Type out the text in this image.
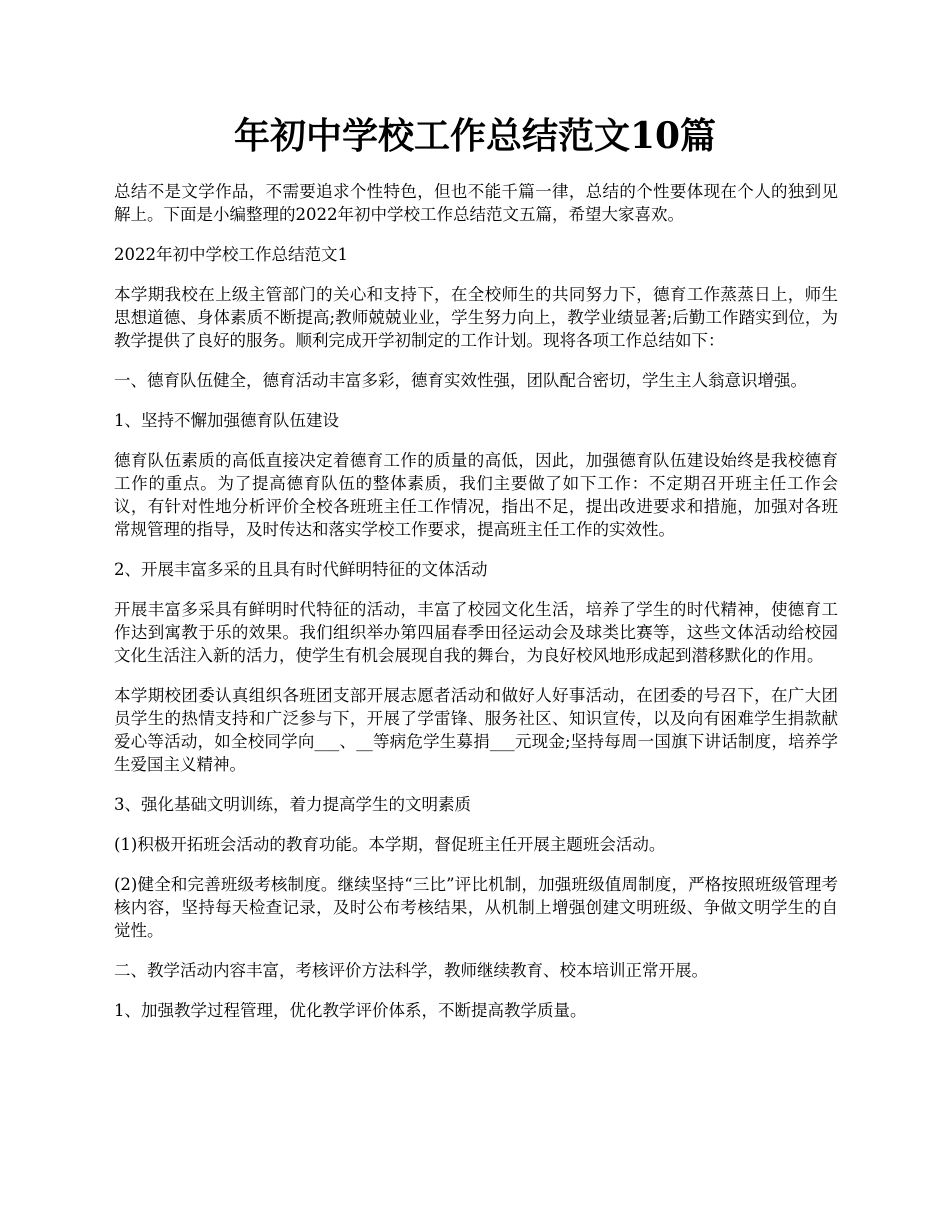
年初中学校工作总结范文10篇

总结不是文学作品，不需要追求个性特色，但也不能千篇一律，总结的个性要体现在个人的独到见解上。下面是小编整理的2022年初中学校工作总结范文五篇，希望大家喜欢。

2022年初中学校工作总结范文1

本学期我校在上级主管部门的关心和支持下，在全校师生的共同努力下，德育工作蒸蒸日上，师生思想道德、身体素质不断提高;教师兢兢业业，学生努力向上，教学业绩显著;后勤工作踏实到位，为教学提供了良好的服务。顺利完成开学初制定的工作计划。现将各项工作总结如下：

一、德育队伍健全，德育活动丰富多彩，德育实效性强，团队配合密切，学生主人翁意识增强。

1、坚持不懈加强德育队伍建设

德育队伍素质的高低直接决定着德育工作的质量的高低，因此，加强德育队伍建设始终是我校德育工作的重点。为了提高德育队伍的整体素质，我们主要做了如下工作：不定期召开班主任工作会议，有针对性地分析评价全校各班班主任工作情况，指出不足，提出改进要求和措施，加强对各班常规管理的指导，及时传达和落实学校工作要求，提高班主任工作的实效性。

2、开展丰富多采的且具有时代鲜明特征的文体活动

开展丰富多采具有鲜明时代特征的活动，丰富了校园文化生活，培养了学生的时代精神，使德育工作达到寓教于乐的效果。我们组织举办第四届春季田径运动会及球类比赛等，这些文体活动给校园文化生活注入新的活力，使学生有机会展现自我的舞台，为良好校风地形成起到潜移默化的作用。

本学期校团委认真组织各班团支部开展志愿者活动和做好人好事活动，在团委的号召下，在广大团员学生的热情支持和广泛参与下，开展了学雷锋、服务社区、知识宣传，以及向有困难学生捐款献爱心等活动，如全校同学向___、__等病危学生募捐___元现金;坚持每周一国旗下讲话制度，培养学生爱国主义精神。

3、强化基础文明训练，着力提高学生的文明素质

(1)积极开拓班会活动的教育功能。本学期，督促班主任开展主题班会活动。

(2)健全和完善班级考核制度。继续坚持“三比”评比机制，加强班级值周制度，严格按照班级管理考核内容，坚持每天检查记录，及时公布考核结果，从机制上增强创建文明班级、争做文明学生的自觉性。

二、教学活动内容丰富，考核评价方法科学，教师继续教育、校本培训正常开展。

1、加强教学过程管理，优化教学评价体系，不断提高教学质量。
